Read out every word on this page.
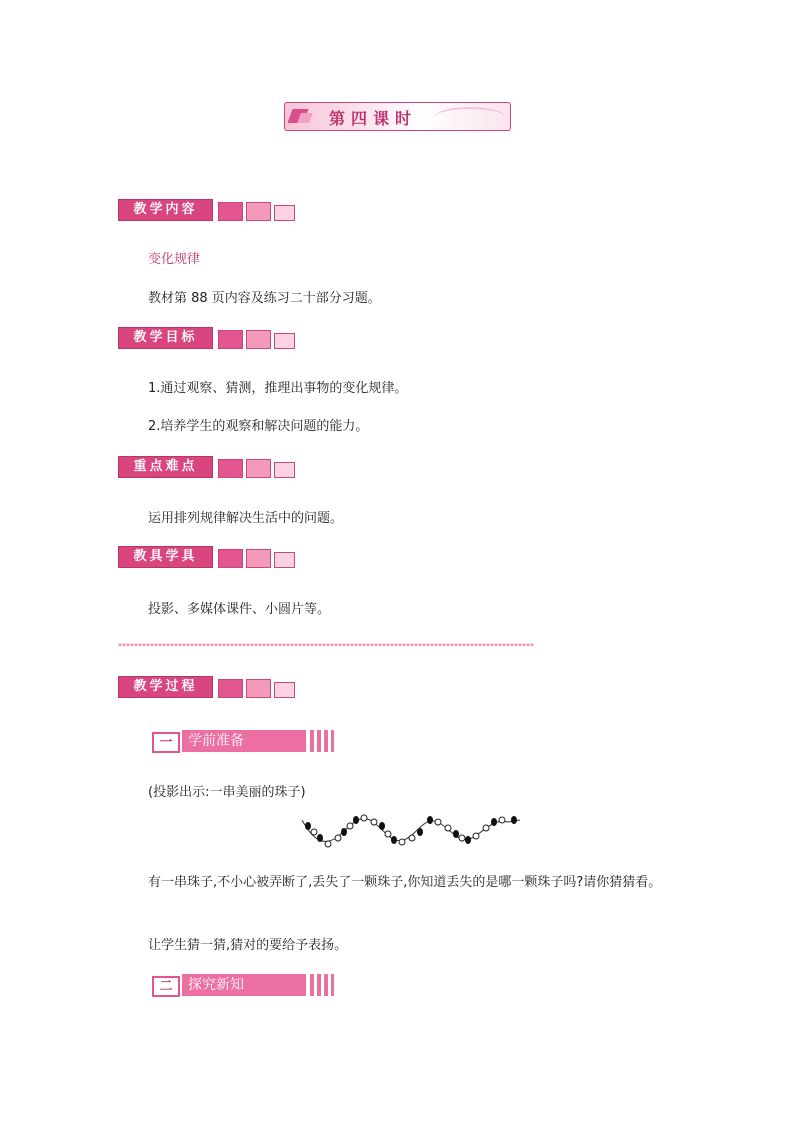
第四课时
教学内容
变化规律
教材第 88 页内容及练习二十部分习题。
教学目标
1.通过观察、猜测，推理出事物的变化规律。
2.培养学生的观察和解决问题的能力。
重点难点
运用排列规律解决生活中的问题。
教具学具
投影、多媒体课件、小圆片等。
********************************************************************************************************
教学过程
一	学前准备
(投影出示:一串美丽的珠子)
有一串珠子,不小心被弄断了,丢失了一颗珠子,你知道丢失的是哪一颗珠子吗?请你猜猜看。
让学生猜一猜,猜对的要给予表扬。
二	探究新知
